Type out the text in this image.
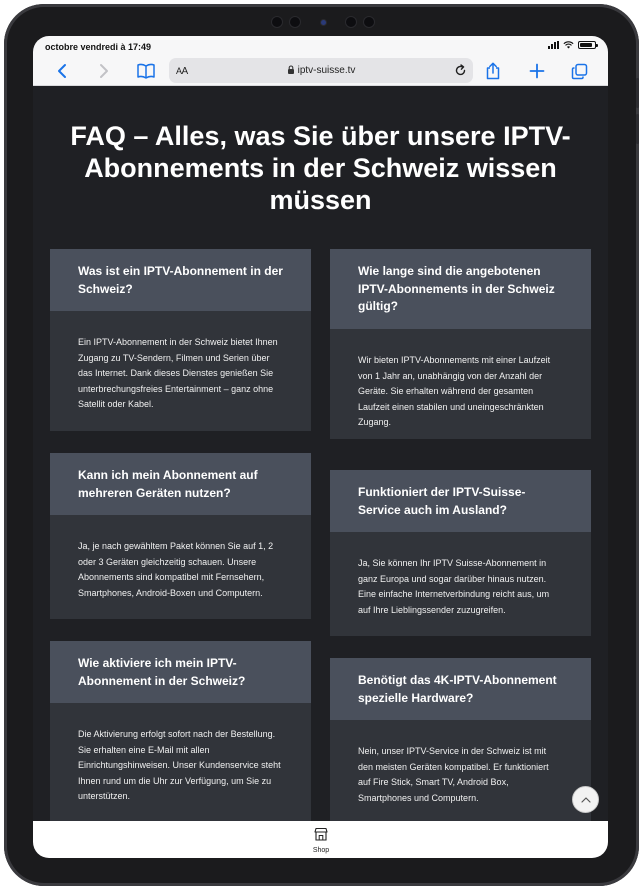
octobre vendredi à 17:49
AA	iptv-suisse.tv
FAQ – Alles, was Sie über unsere IPTV-Abonnements in der Schweiz wissen müssen
Was ist ein IPTV-Abonnement in der Schweiz?
Ein IPTV-Abonnement in der Schweiz bietet Ihnen Zugang zu TV-Sendern, Filmen und Serien über das Internet. Dank dieses Dienstes genießen Sie unterbrechungsfreies Entertainment – ganz ohne Satellit oder Kabel.
Kann ich mein Abonnement auf mehreren Geräten nutzen?
Ja, je nach gewähltem Paket können Sie auf 1, 2 oder 3 Geräten gleichzeitig schauen. Unsere Abonnements sind kompatibel mit Fernsehern, Smartphones, Android-Boxen und Computern.
Wie aktiviere ich mein IPTV-Abonnement in der Schweiz?
Die Aktivierung erfolgt sofort nach der Bestellung. Sie erhalten eine E-Mail mit allen Einrichtungshinweisen. Unser Kundenservice steht Ihnen rund um die Uhr zur Verfügung, um Sie zu unterstützen.
Wie lange sind die angebotenen IPTV-Abonnements in der Schweiz gültig?
Wir bieten IPTV-Abonnements mit einer Laufzeit von 1 Jahr an, unabhängig von der Anzahl der Geräte. Sie erhalten während der gesamten Laufzeit einen stabilen und uneingeschränkten Zugang.
Funktioniert der IPTV-Suisse-Service auch im Ausland?
Ja, Sie können Ihr IPTV Suisse-Abonnement in ganz Europa und sogar darüber hinaus nutzen. Eine einfache Internetverbindung reicht aus, um auf Ihre Lieblingssender zuzugreifen.
Benötigt das 4K-IPTV-Abonnement spezielle Hardware?
Nein, unser IPTV-Service in der Schweiz ist mit den meisten Geräten kompatibel. Er funktioniert auf Fire Stick, Smart TV, Android Box, Smartphones und Computern.
Shop
